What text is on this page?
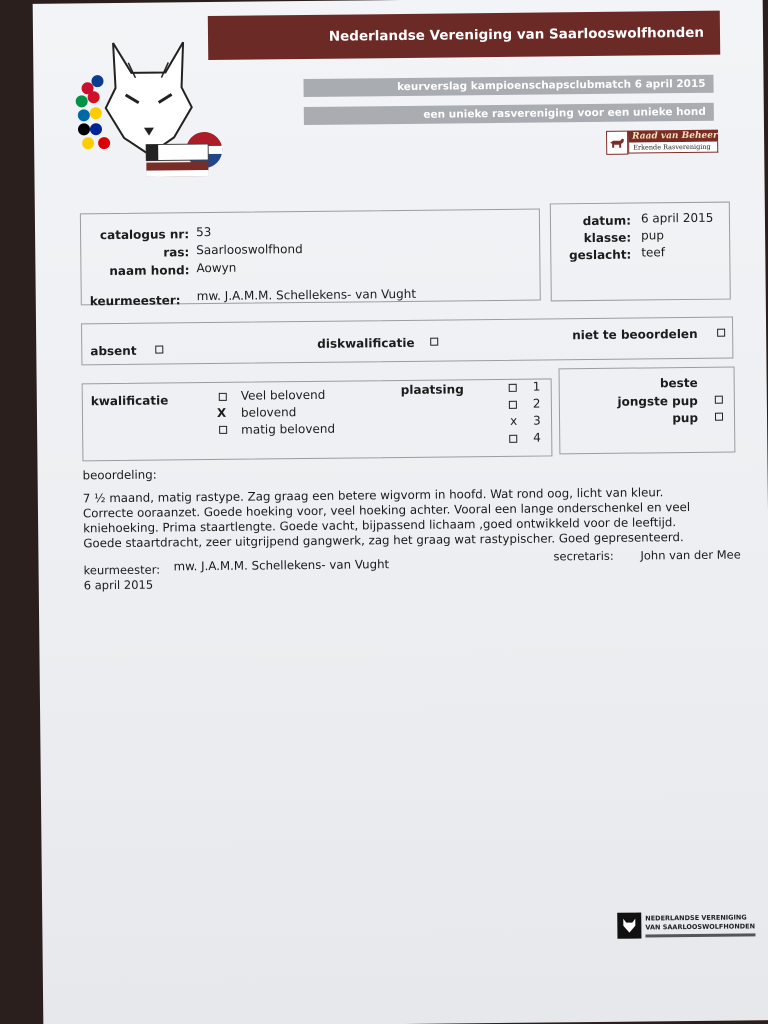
Nederlandse Vereniging van Saarlooswolfhonden
keurverslag kampioenschapsclubmatch 6 april 2015
een unieke rasvereniging voor een unieke hond
Raad van Beheer
Erkende Rasvereniging
catalogus nr: 53
ras: Saarlooswolfhond
naam hond: Aowyn
keurmeester: mw. J.A.M.M. Schellekens- van Vught
datum: 6 april 2015
klasse: pup
geslacht: teef
absent
diskwalificatie
niet te beoordelen
kwalificatie	Veel belovend
X belovend
matig belovend
plaatsing	1
2
x 3
4
beste
jongste pup
pup
beoordeling:
7 ½ maand, matig rastype. Zag graag een betere wigvorm in hoofd. Wat rond oog, licht van kleur.
Correcte ooraanzet. Goede hoeking voor, veel hoeking achter. Vooral een lange onderschenkel en veel
kniehoeking. Prima staartlengte. Goede vacht, bijpassend lichaam ,goed ontwikkeld voor de leeftijd.
Goede staartdracht, zeer uitgrijpend gangwerk, zag het graag wat rastypischer. Goed gepresenteerd.
keurmeester: mw. J.A.M.M. Schellekens- van Vught
6 april 2015
secretaris: John van der Mee
NEDERLANDSE VERENIGING
VAN SAARLOOSWOLFHONDEN
